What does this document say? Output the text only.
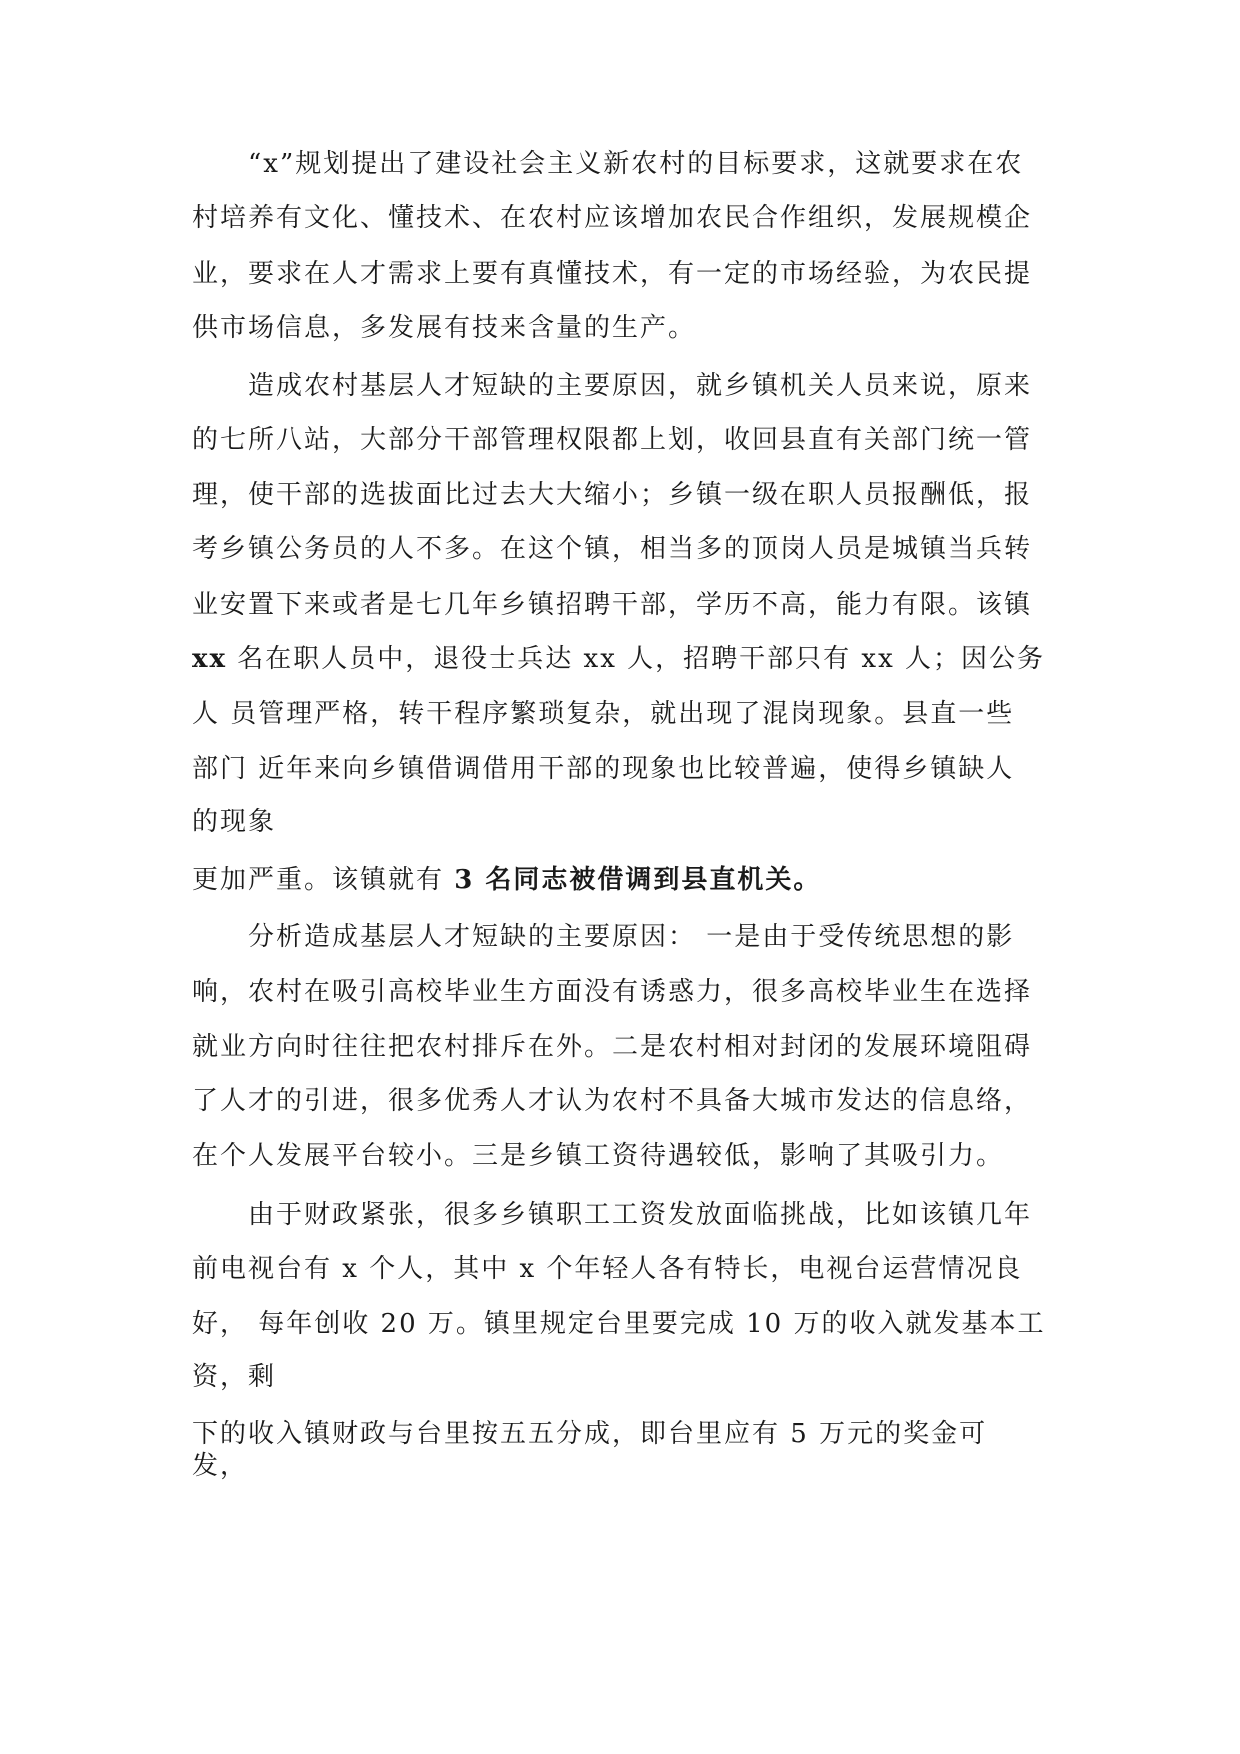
“x”规划提出了建设社会主义新农村的目标要求，这就要求在农
村培养有文化、懂技术、在农村应该增加农民合作组织，发展规模企
业，要求在人才需求上要有真懂技术，有一定的市场经验，为农民提
供市场信息，多发展有技来含量的生产。
造成农村基层人才短缺的主要原因，就乡镇机关人员来说，原来
的七所八站，大部分干部管理权限都上划，收回县直有关部门统一管
理，使干部的选拔面比过去大大缩小；乡镇一级在职人员报酬低，报
考乡镇公务员的人不多。在这个镇，相当多的顶岗人员是城镇当兵转
业安置下来或者是七几年乡镇招聘干部，学历不高，能力有限。该镇
xx 名在职人员中，退役士兵达 xx 人，招聘干部只有 xx 人；因公务
人 员管理严格，转干程序繁琐复杂，就出现了混岗现象。县直一些
部门 近年来向乡镇借调借用干部的现象也比较普遍，使得乡镇缺人
的现象
更加严重。该镇就有 3 名同志被借调到县直机关。
分析造成基层人才短缺的主要原因： 一是由于受传统思想的影
响，农村在吸引高校毕业生方面没有诱惑力，很多高校毕业生在选择
就业方向时往往把农村排斥在外。二是农村相对封闭的发展环境阻碍
了人才的引进，很多优秀人才认为农村不具备大城市发达的信息络，
在个人发展平台较小。三是乡镇工资待遇较低，影响了其吸引力。
由于财政紧张，很多乡镇职工工资发放面临挑战，比如该镇几年
前电视台有 x 个人，其中 x 个年轻人各有特长，电视台运营情况良
好， 每年创收 20 万。镇里规定台里要完成 10 万的收入就发基本工
资，剩
下的收入镇财政与台里按五五分成，即台里应有 5 万元的奖金可
发，
